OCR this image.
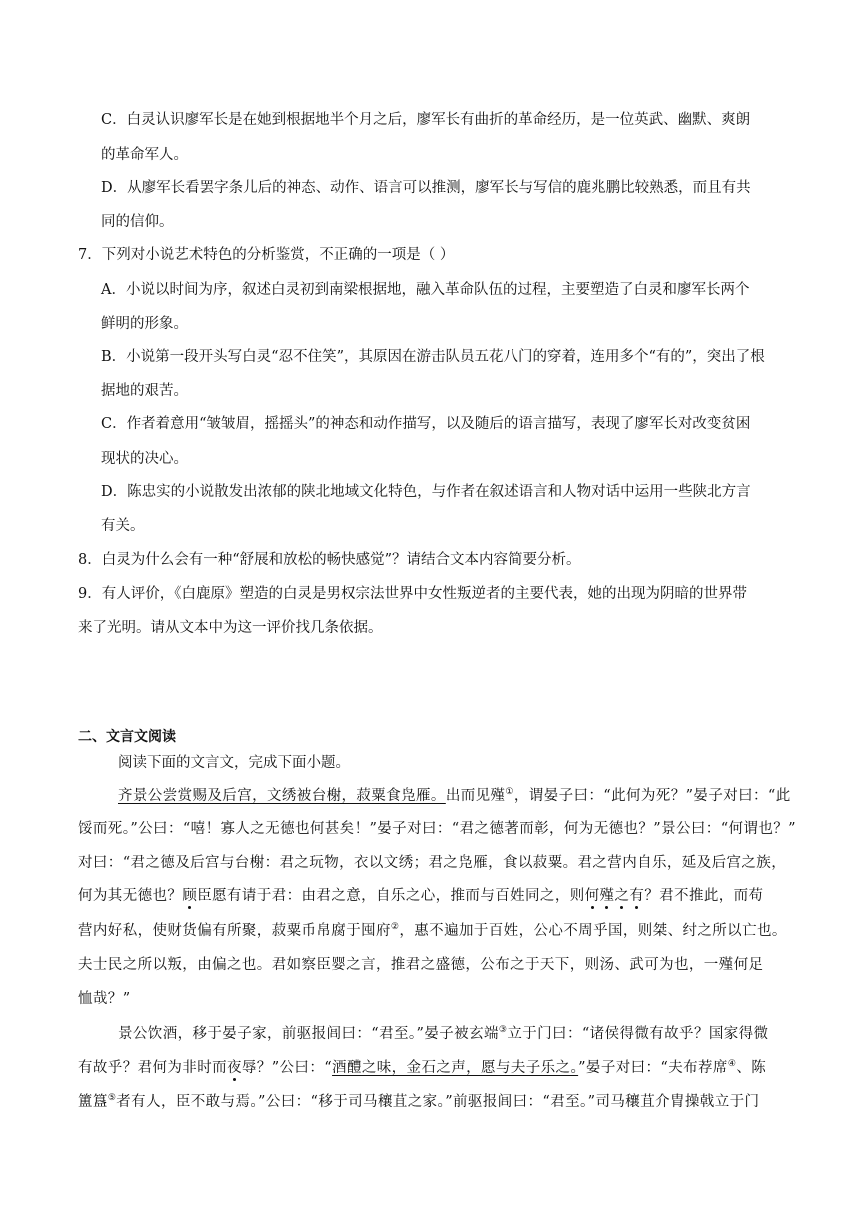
C．白灵认识廖军长是在她到根据地半个月之后，廖军长有曲折的革命经历，是一位英武、幽默、爽朗
的革命军人。
D．从廖军长看罢字条儿后的神态、动作、语言可以推测，廖军长与写信的鹿兆鹏比较熟悉，而且有共
同的信仰。
7．下列对小说艺术特色的分析鉴赏，不正确的一项是（ ）
A．小说以时间为序，叙述白灵初到南梁根据地，融入革命队伍的过程，主要塑造了白灵和廖军长两个
鲜明的形象。
B．小说第一段开头写白灵“忍不住笑”，其原因在游击队员五花八门的穿着，连用多个“有的”，突出了根
据地的艰苦。
C．作者着意用“皱皱眉，摇摇头”的神态和动作描写，以及随后的语言描写，表现了廖军长对改变贫困
现状的决心。
D．陈忠实的小说散发出浓郁的陕北地域文化特色，与作者在叙述语言和人物对话中运用一些陕北方言
有关。
8．白灵为什么会有一种“舒展和放松的畅快感觉”？请结合文本内容简要分析。
9．有人评价，《白鹿原》塑造的白灵是男权宗法世界中女性叛逆者的主要代表，她的出现为阴暗的世界带
来了光明。请从文本中为这一评价找几条依据。
二、文言文阅读
阅读下面的文言文，完成下面小题。
齐景公尝赏赐及后宫，文绣被台榭，菽粟食凫雁。出而见殣①，谓晏子曰：“此何为死？”晏子对曰：“此
馁而死。”公曰：“嘻！寡人之无德也何甚矣！”晏子对曰：“君之德著而彰，何为无德也？”景公曰：“何谓也？”
对曰：“君之德及后宫与台榭：君之玩物，衣以文绣；君之凫雁，食以菽粟。君之营内自乐，延及后宫之族，
何为其无德也？顾臣愿有请于君：由君之意，自乐之心，推而与百姓同之，则何殣之有？君不推此，而苟
营内好私，使财货偏有所聚，菽粟币帛腐于囤府②，惠不遍加于百姓，公心不周乎国，则桀、纣之所以亡也。
夫士民之所以叛，由偏之也。君如察臣婴之言，推君之盛德，公布之于天下，则汤、武可为也，一殣何足
恤哉？”
景公饮酒，移于晏子家，前驱报闾曰：“君至。”晏子被玄端③立于门曰：“诸侯得微有故乎？国家得微
有故乎？君何为非时而夜辱？”公曰：“酒醴之味，金石之声，愿与夫子乐之。”晏子对曰：“夫布荐席④、陈
簠簋⑤者有人，臣不敢与焉。”公曰：“移于司马穰苴之家。”前驱报闾曰：“君至。”司马穰苴介胄操戟立于门
